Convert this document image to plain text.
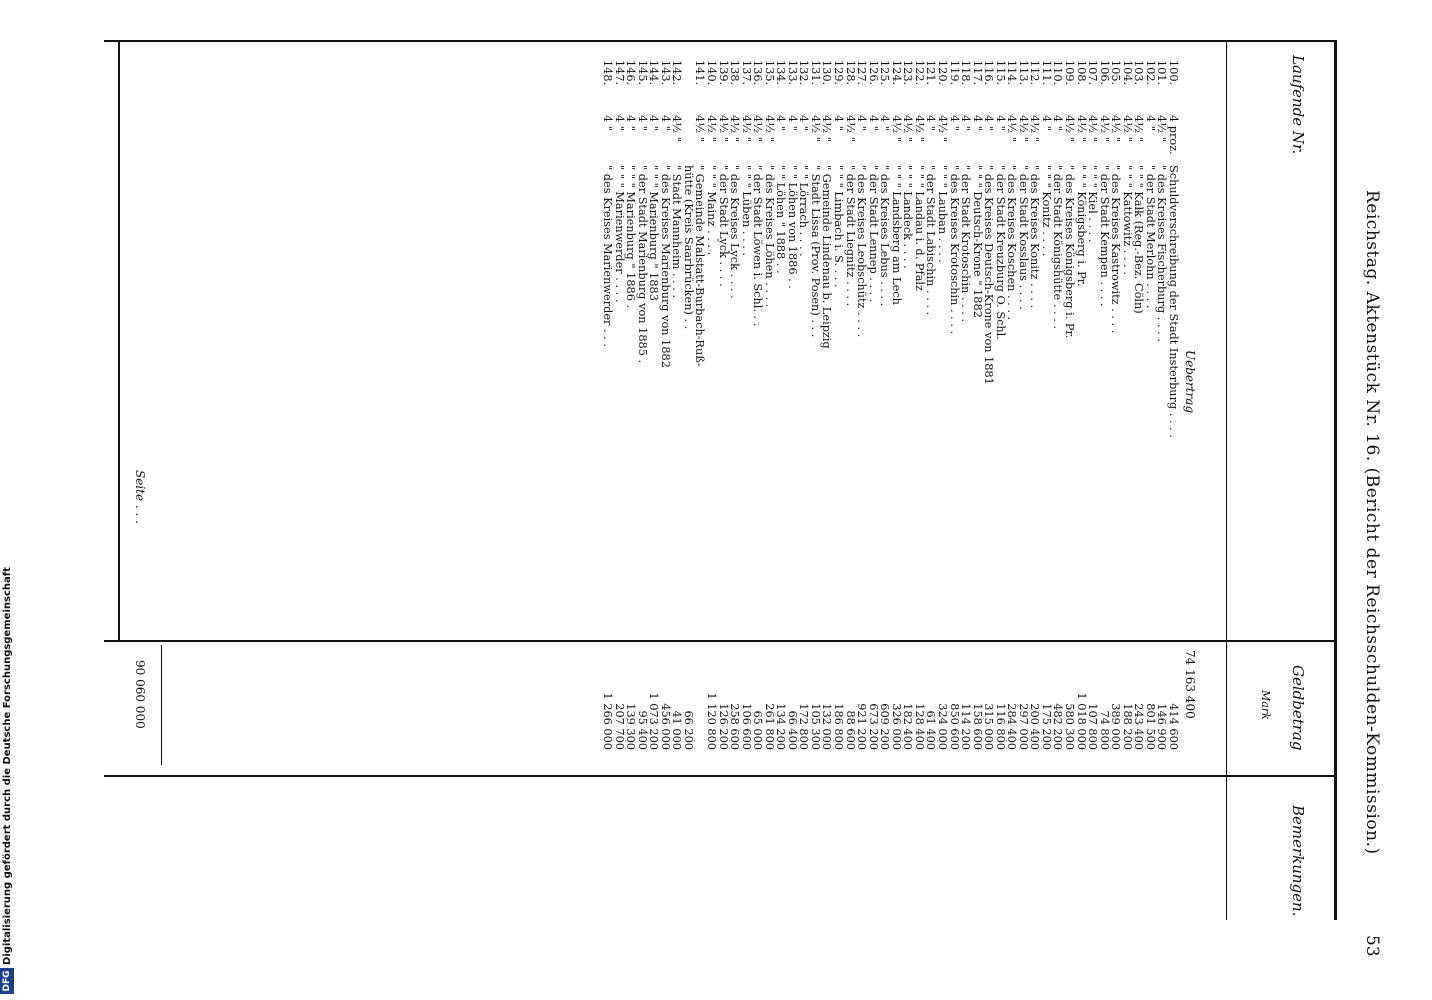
Reichstag. Aktenstück Nr. 16. (Bericht der Reichsschulden-Kommission.)
53
Laufende Nr.
Geldbetrag
Mark
Bemerkungen.
Uebertrag
74 163 400
100.
4 proz.
Schuldverschreibung der Stadt Insterburg . . . .
414 600
101.
4½ "
" des Kreises Fischerburg . . . .
146 900
102.
4 "
" der Stadt Merlohn . . . .
801 500
103.
4½ "
" " " Kalk (Reg.-Bez. Cöln)
243 400
104.
4½ "
" " " Kattowitz . . . .
188 200
105.
4½ "
" des Kreises Kastrowitz . . . .
389 000
106.
4½ "
" der Stadt Kempen . . . .
74 800
107.
4½ "
" " " Kiel . . . .
107 800
108.
4½ "
" " " Königsberg i. Pr.
1 018 000
109.
4½ "
" des Kreises Königsberg i. Pr.
580 300
110.
4 "
" der Stadt Königshütte . . . .
482 200
111.
4 "
" " " Konitz . . . .
175 200
112.
4½ "
" des Kreises Konitz . . . .
200 400
113.
4½ "
" der Stadt Kosslaus . . . .
297 000
114.
4½ "
" des Kreises Koschen . . . .
284 400
115.
4 "
" der Stadt Kreuzburg O. Schl.
116 800
116.
4 "
" des Kreises Deutsch-Krone von 1881
315 000
117.
4 "
" " " Deutsch-Krone " 1882
158 600
118.
4 "
" der Stadt Krotoschin . . . .
114 200
119.
4 "
" des Kreises Krotoschin . . . .
850 600
120.
4½ "
" " " Lauban . . . .
324 000
121.
4 "
" der Stadt Labischin . . . .
61 400
122.
4½ "
" " " Landau i. d. Pfalz
128 400
123.
4½ "
" " " Landeck . . . .
182 400
124.
4½ "
" " " Landsberg am Lech
326 000
125.
4 "
" des Kreises Lebus . . . .
609 200
126.
4 "
" der Stadt Lennep . . . .
673 200
127.
4 "
" des Kreises Leobschütz . . . .
921 200
128.
4½ "
" der Stadt Liegnitz . . . .
88 600
129.
4 "
" " " Limbach i. S. . . .
186 800
130.
4½ "
" Gemeinde Lindenau b. Leipzig
132 000
131.
4½ "
" Stadt Lissa (Prov. Posen) . . .
105 300
132.
4 "
" " Lörrach . . . .
172 800
133.
4 "
" " Löhen von 1886 . .
66 400
134.
4 "
" " Löhen " 1888 . .
134 200
135.
4½ "
" des Kreises Löhen . . . .
261 800
136.
4½ "
" der Stadt Löwen i. Schl. . .
65 000
137.
4½ "
" " " Lüben . . . .
106 600
138.
4½ "
" des Kreises Lyck . . . .
258 600
139.
4½ "
" der Stadt Lyck . . . .
126 200
140.
4½ "
" " " Mainz . . . .
1 120 800
141.
4½ "
" Gemeinde Malstatt-Burbach-Ruß-
hütte (Kreis Saarbrücken) . .
66 200
142.
4½ "
" Stadt Mannheim . . . .
41 000
143.
4 "
" des Kreises Marienburg von 1882
456 000
144.
4 "
" " " Marienburg " 1883
1 073 200
145.
4 "
" der Stadt Marienburg von 1885 .
95 400
146.
4 "
" " " Marienburg " 1886 .
139 300
147.
4 "
" " " Marienwerder . . . .
207 700
148.
4 "
" des Kreises Marienwerder . . .
1 266 000
Seite . . .
90 060 000
Digitalisierung gefördert durch die Deutsche Forschungsgemeinschaft
DFG
